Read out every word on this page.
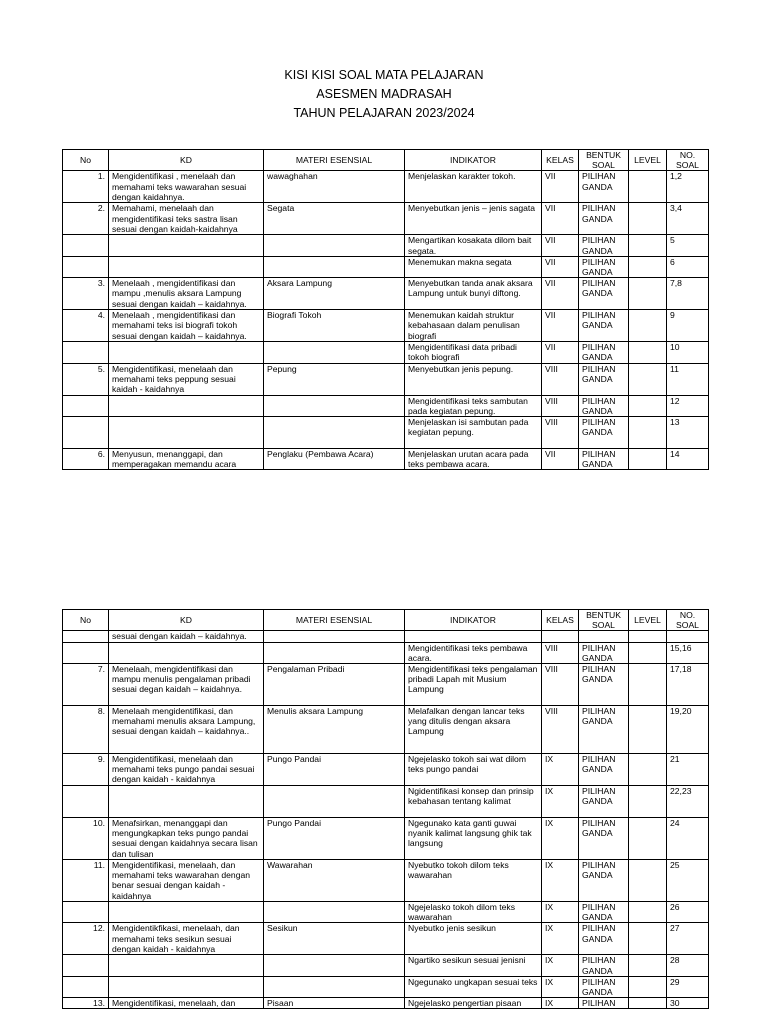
KISI KISI SOAL MATA PELAJARAN
ASESMEN MADRASAH
TAHUN PELAJARAN 2023/2024
No	KD	MATERI ESENSIAL	INDIKATOR	KELAS	BENTUK SOAL	LEVEL	NO. SOAL
1.	Mengidentifikasi , menelaah dan memahami teks wawarahan sesuai dengan kaidahnya.	wawaghahan	Menjelaskan karakter tokoh.	VII	PILIHAN GANDA		1,2
2.	Memahami, menelaah dan mengidentifikasi teks sastra lisan sesuai dengan kaidah-kaidahnya	Segata	Menyebutkan jenis – jenis sagata	VII	PILIHAN GANDA		3,4
			Mengartikan kosakata dilom bait segata.	VII	PILIHAN GANDA		5
			Menemukan makna segata	VII	PILIHAN GANDA		6
3.	Menelaah , mengidentifikasi dan mampu ,menulis aksara Lampung sesuai dengan kaidah – kaidahnya.	Aksara Lampung	Menyebutkan tanda anak aksara Lampung untuk bunyi diftong.	VII	PILIHAN GANDA		7,8
4.	Menelaah , mengidentifikasi dan memahami teks isi biografi tokoh sesuai dengan kaidah – kaidahnya.	Biografi Tokoh	Menemukan kaidah struktur kebahasaan dalam penulisan biografi	VII	PILIHAN GANDA		9
			Mengidentifikasi data pribadi tokoh biografi	VII	PILIHAN GANDA		10
5.	Mengidentifikasi, menelaah dan memahami teks peppung sesuai kaidah - kaidahnya	Pepung	Menyebutkan jenis pepung.	VIII	PILIHAN GANDA		11
			Mengidentifikasi teks sambutan pada kegiatan pepung.	VIII	PILIHAN GANDA		12
			Menjelaskan isi sambutan pada kegiatan pepung.	VIII	PILIHAN GANDA		13
6.	Menyusun, menanggapi, dan memperagakan memandu acara	Penglaku (Pembawa Acara)	Menjelaskan urutan acara pada teks pembawa acara.	VII	PILIHAN GANDA		14
No	KD	MATERI ESENSIAL	INDIKATOR	KELAS	BENTUK SOAL	LEVEL	NO. SOAL
	sesuai dengan kaidah – kaidahnya.						
			Mengidentifikasi teks pembawa acara.	VIII	PILIHAN GANDA		15,16
7.	Menelaah, mengidentifikasi dan mampu menulis pengalaman pribadi sesuai degan kaidah – kaidahnya.	Pengalaman Pribadi	Mengidentifikasi teks pengalaman pribadi Lapah mit Musium Lampung	VIII	PILIHAN GANDA		17,18
8.	Menelaah mengidentifikasi, dan memahami menulis aksara Lampung, sesuai dengan kaidah – kaidahnya..	Menulis aksara Lampung	Melafalkan dengan lancar teks yang ditulis dengan aksara Lampung	VIII	PILIHAN GANDA		19,20
9.	Mengidentifikasi, menelaah dan memahami teks pungo pandai sesuai dengan kaidah - kaidahnya	Pungo Pandai	Ngejelasko tokoh sai wat dilom teks pungo pandai	IX	PILIHAN GANDA		21
			Ngidentifikasi konsep dan prinsip kebahasan tentang kalimat	IX	PILIHAN GANDA		22,23
10.	Menafsirkan, menanggapi dan mengungkapkan teks pungo pandai sesuai dengan kaidahnya secara lisan dan tulisan	Pungo Pandai	Ngegunako kata ganti guwai nyanik kalimat langsung ghik tak langsung	IX	PILIHAN GANDA		24
11.	Mengidentifikasi, menelaah, dan memahami teks wawarahan dengan benar sesuai dengan kaidah - kaidahnya	Wawarahan	Nyebutko tokoh dilom teks wawarahan	IX	PILIHAN GANDA		25
			Ngejelasko tokoh dilom teks wawarahan	IX	PILIHAN GANDA		26
12.	Mengidentikfikasi, menelaah, dan memahami teks sesikun sesuai dengan kaidah - kaidahnya	Sesikun	Nyebutko jenis sesikun	IX	PILIHAN GANDA		27
			Ngartiko sesikun sesuai jenisni	IX	PILIHAN GANDA		28
			Ngegunako ungkapan sesuai teks	IX	PILIHAN GANDA		29
13.	Mengidentifikasi, menelaah, dan	Pisaan	Ngejelasko pengertian pisaan	IX	PILIHAN		30
